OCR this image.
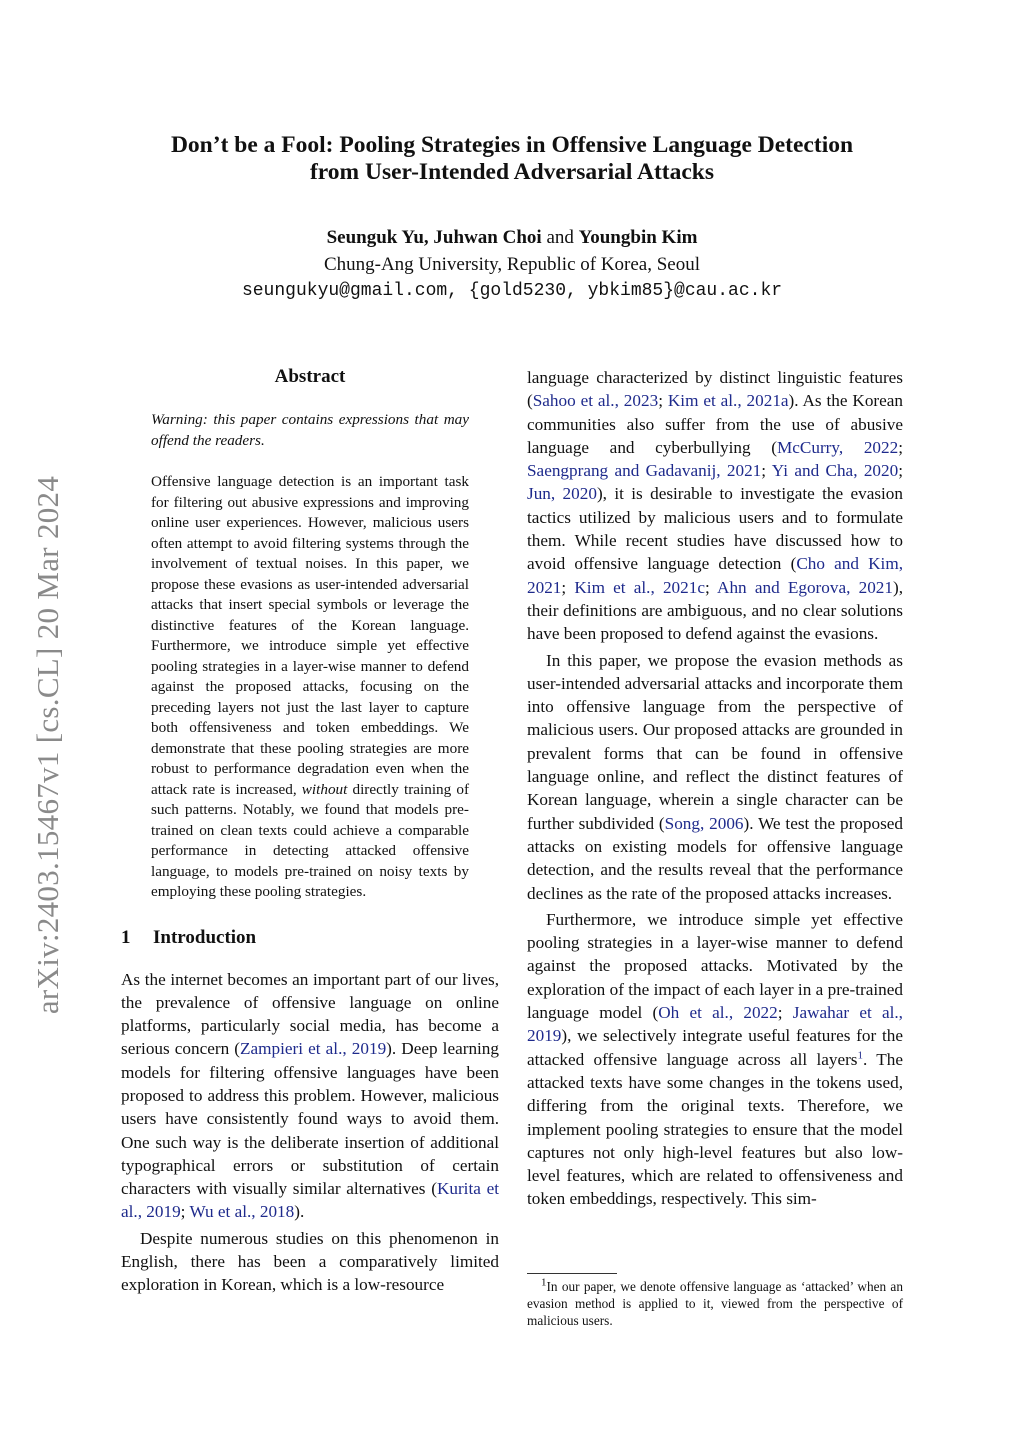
arXiv:2403.15467v1 [cs.CL] 20 Mar 2024
Don’t be a Fool: Pooling Strategies in Offensive Language Detection
from User-Intended Adversarial Attacks
Seunguk Yu, Juhwan Choi and Youngbin Kim
Chung-Ang University, Republic of Korea, Seoul
seungukyu@gmail.com, {gold5230, ybkim85}@cau.ac.kr
Abstract

Warning: this paper contains expressions that may offend the readers.

Offensive language detection is an important task for filtering out abusive expressions and improving online user experiences. However, malicious users often attempt to avoid filtering systems through the involvement of textual noises. In this paper, we propose these evasions as user-intended adversarial attacks that insert special symbols or leverage the distinctive features of the Korean language. Furthermore, we introduce simple yet effective pooling strategies in a layer-wise manner to defend against the proposed attacks, focusing on the preceding layers not just the last layer to capture both offensiveness and token embeddings. We demonstrate that these pooling strategies are more robust to performance degradation even when the attack rate is increased, without directly training of such patterns. Notably, we found that models pre-trained on clean texts could achieve a comparable performance in detecting attacked offensive language, to models pre-trained on noisy texts by employing these pooling strategies.

1 Introduction

As the internet becomes an important part of our lives, the prevalence of offensive language on online platforms, particularly social media, has become a serious concern (Zampieri et al., 2019). Deep learning models for filtering offensive languages have been proposed to address this problem. However, malicious users have consistently found ways to avoid them. One such way is the deliberate insertion of additional typographical errors or substitution of certain characters with visually similar alternatives (Kurita et al., 2019; Wu et al., 2018).

Despite numerous studies on this phenomenon in English, there has been a comparatively limited exploration in Korean, which is a low-resource

language characterized by distinct linguistic features (Sahoo et al., 2023; Kim et al., 2021a). As the Korean communities also suffer from the use of abusive language and cyberbullying (McCurry, 2022; Saengprang and Gadavanij, 2021; Yi and Cha, 2020; Jun, 2020), it is desirable to investigate the evasion tactics utilized by malicious users and to formulate them. While recent studies have discussed how to avoid offensive language detection (Cho and Kim, 2021; Kim et al., 2021c; Ahn and Egorova, 2021), their definitions are ambiguous, and no clear solutions have been proposed to defend against the evasions.

In this paper, we propose the evasion methods as user-intended adversarial attacks and incorporate them into offensive language from the perspective of malicious users. Our proposed attacks are grounded in prevalent forms that can be found in offensive language online, and reflect the distinct features of Korean language, wherein a single character can be further subdivided (Song, 2006). We test the proposed attacks on existing models for offensive language detection, and the results reveal that the performance declines as the rate of the proposed attacks increases.

Furthermore, we introduce simple yet effective pooling strategies in a layer-wise manner to defend against the proposed attacks. Motivated by the exploration of the impact of each layer in a pre-trained language model (Oh et al., 2022; Jawahar et al., 2019), we selectively integrate useful features for the attacked offensive language across all layers$^1$. The attacked texts have some changes in the tokens used, differing from the original texts. Therefore, we implement pooling strategies to ensure that the model captures not only high-level features but also low-level features, which are related to offensiveness and token embeddings, respectively. This sim-

$^1$In our paper, we denote offensive language as ‘attacked’ when an evasion method is applied to it, viewed from the perspective of malicious users.
